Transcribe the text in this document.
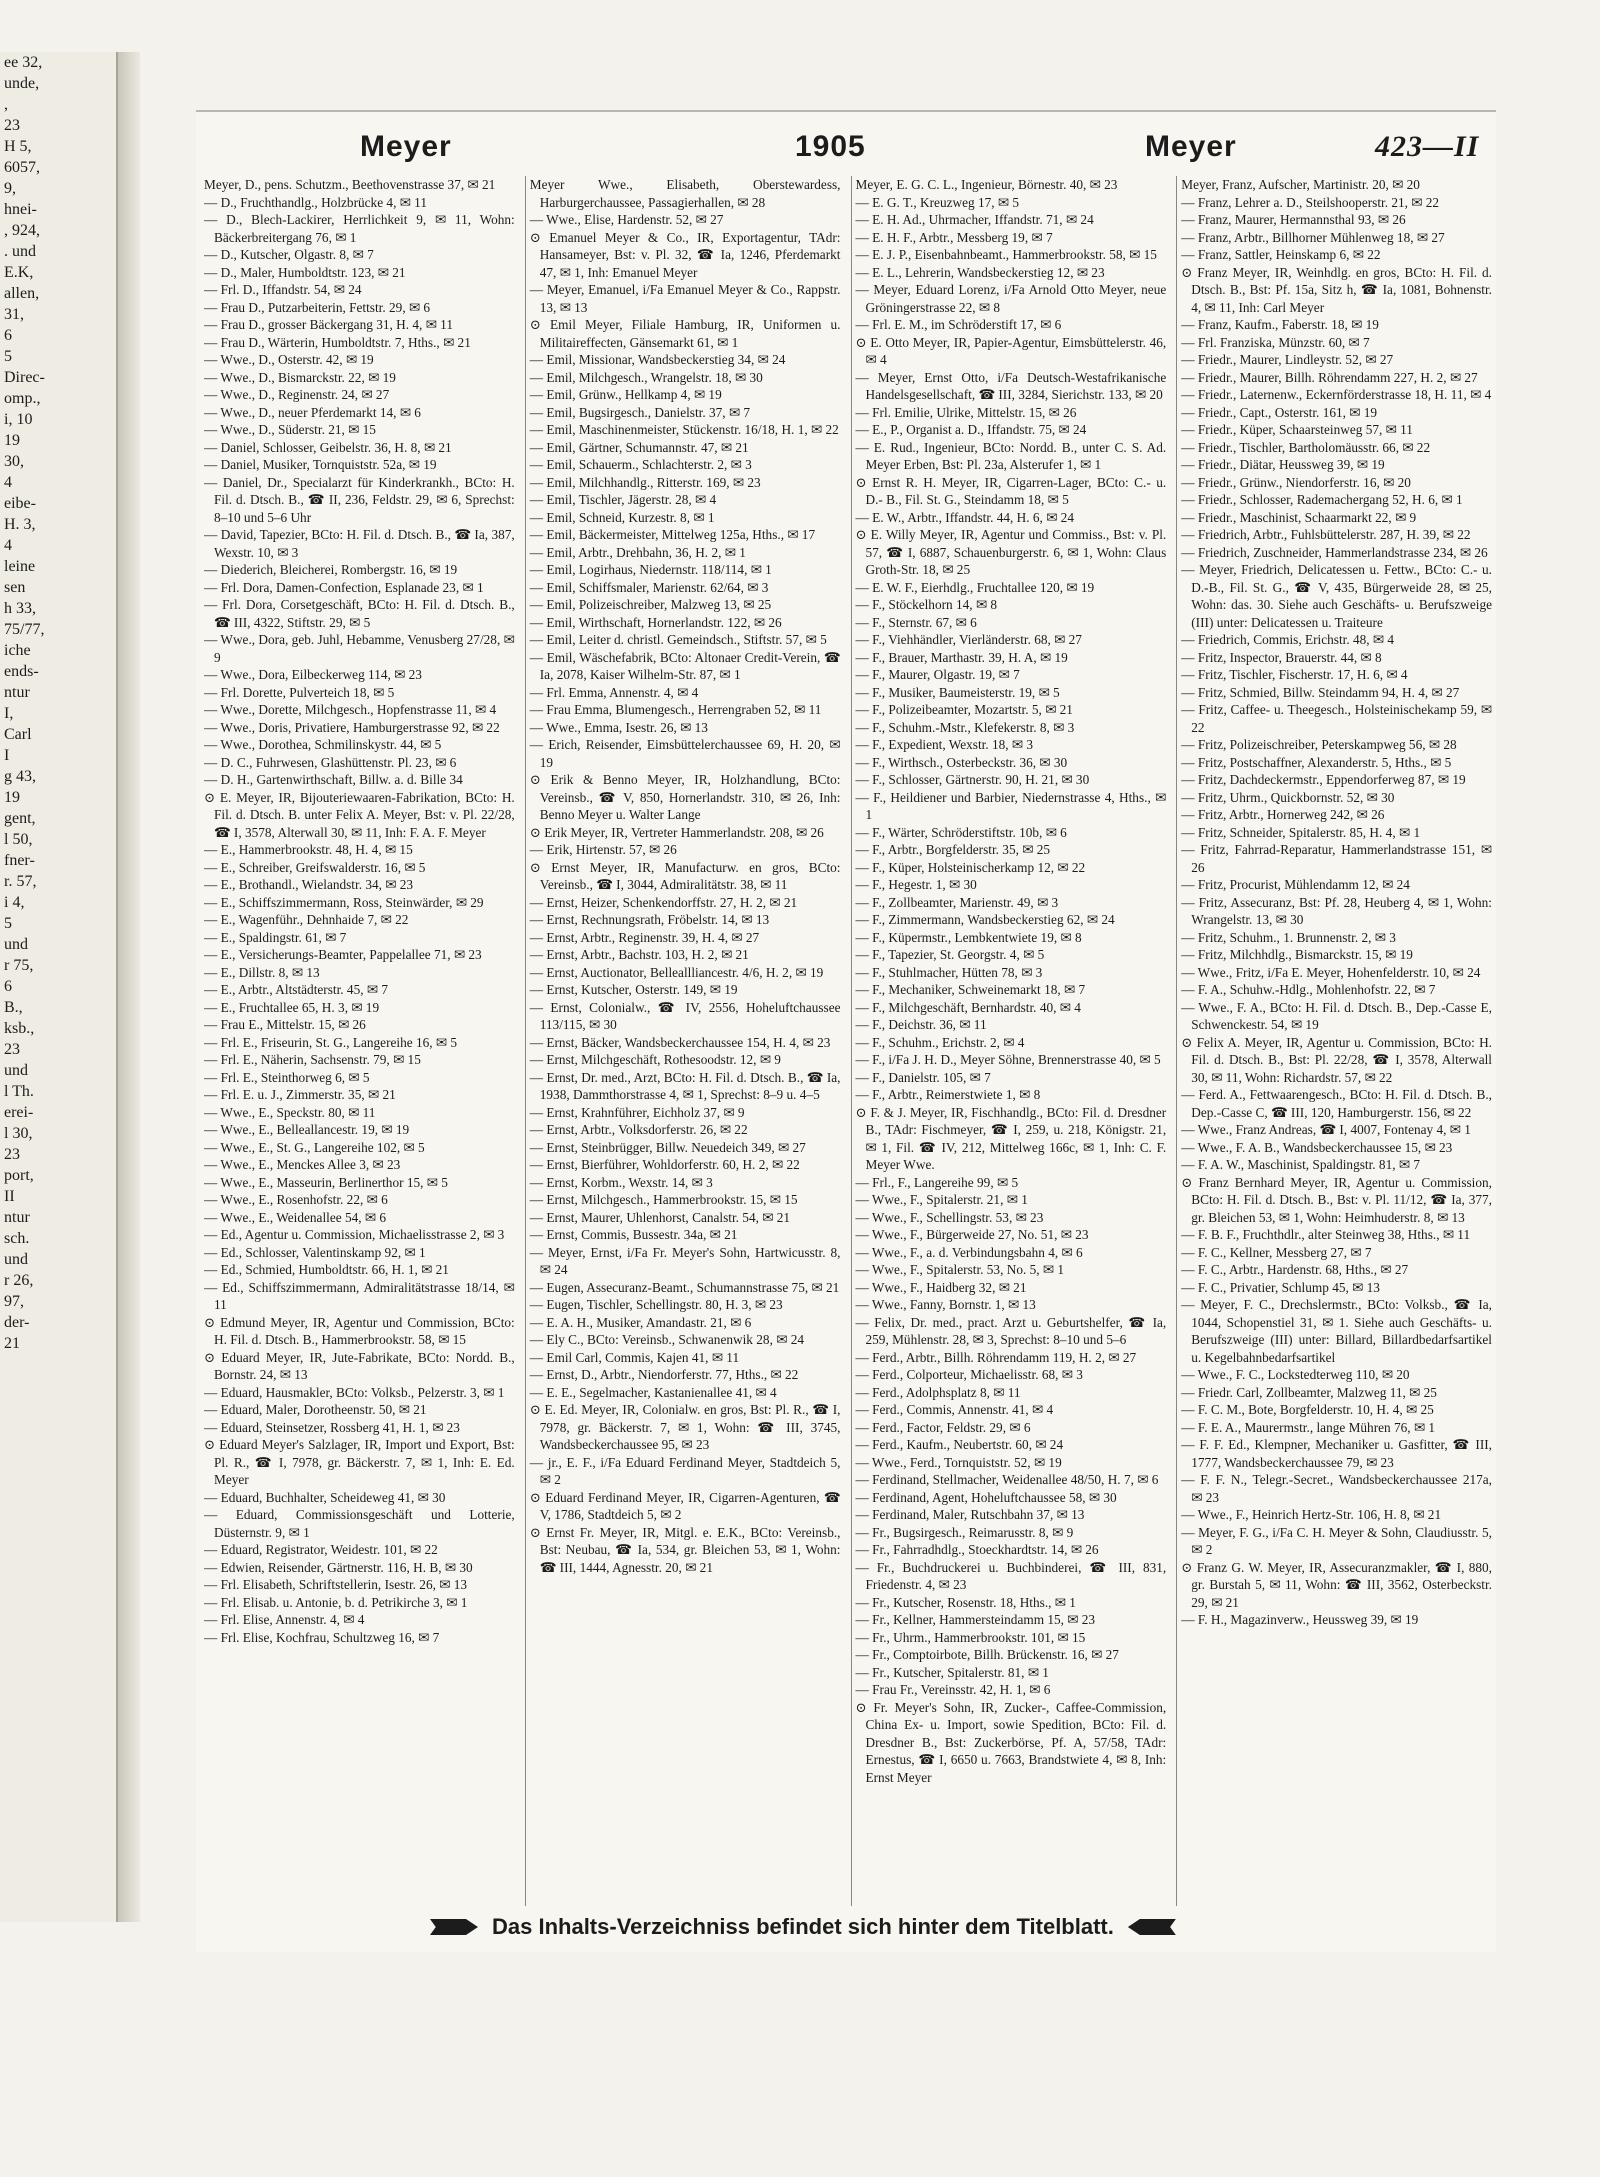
ee 32,
unde,
,
23
H 5,
6057,
9,
hnei-
, 924,
. und
E.K,
allen,
31,
6
5
Direc-
omp.,
i, 10
19
30,
4
eibe-
H. 3,
4
leine
sen
h 33,
75/77,
iche
ends-
ntur
I,
Carl
I
g 43,
19
gent,
l 50,
fner-
r. 57,
i 4,
5
und
r 75,
6
B.,
ksb.,
23
und
l Th.
erei-
l 30,
23
port,
II
ntur
sch.
und
r 26,
97,
der-
21
Meyer	1905	Meyer	423—II
Meyer, D., pens. Schutzm., Beethovenstrasse 37, ✉ 21
— D., Fruchthandlg., Holzbrücke 4, ✉ 11
— D., Blech-Lackirer, Herrlichkeit 9, ✉ 11, Wohn: Bäckerbreitergang 76, ✉ 1
— D., Kutscher, Olgastr. 8, ✉ 7
— D., Maler, Humboldtstr. 123, ✉ 21
— Frl. D., Iffandstr. 54, ✉ 24
— Frau D., Putzarbeiterin, Fettstr. 29, ✉ 6
— Frau D., grosser Bäckergang 31, H. 4, ✉ 11
— Frau D., Wärterin, Humboldtstr. 7, Hths., ✉ 21
— Wwe., D., Osterstr. 42, ✉ 19
— Wwe., D., Bismarckstr. 22, ✉ 19
— Wwe., D., Reginenstr. 24, ✉ 27
— Wwe., D., neuer Pferdemarkt 14, ✉ 6
— Wwe., D., Süderstr. 21, ✉ 15
— Daniel, Schlosser, Geibelstr. 36, H. 8, ✉ 21
— Daniel, Musiker, Tornquiststr. 52a, ✉ 19
— Daniel, Dr., Specialarzt für Kinderkrankh., BCto: H. Fil. d. Dtsch. B., ☎ II, 236, Feldstr. 29, ✉ 6, Sprechst: 8–10 und 5–6 Uhr
— David, Tapezier, BCto: H. Fil. d. Dtsch. B., ☎ Ia, 387, Wexstr. 10, ✉ 3
— Diederich, Bleicherei, Rombergstr. 16, ✉ 19
— Frl. Dora, Damen-Confection, Esplanade 23, ✉ 1
— Frl. Dora, Corsetgeschäft, BCto: H. Fil. d. Dtsch. B., ☎ III, 4322, Stiftstr. 29, ✉ 5
— Wwe., Dora, geb. Juhl, Hebamme, Venusberg 27/28, ✉ 9
— Wwe., Dora, Eilbeckerweg 114, ✉ 23
— Frl. Dorette, Pulverteich 18, ✉ 5
— Wwe., Dorette, Milchgesch., Hopfenstrasse 11, ✉ 4
— Wwe., Doris, Privatiere, Hamburgerstrasse 92, ✉ 22
— Wwe., Dorothea, Schmilinskystr. 44, ✉ 5
— D. C., Fuhrwesen, Glashüttenstr. Pl. 23, ✉ 6
— D. H., Gartenwirthschaft, Billw. a. d. Bille 34
⊙ E. Meyer, IR, Bijouteriewaaren-Fabrikation, BCto: H. Fil. d. Dtsch. B. unter Felix A. Meyer, Bst: v. Pl. 22/28, ☎ I, 3578, Alterwall 30, ✉ 11, Inh: F. A. F. Meyer
— E., Hammerbrookstr. 48, H. 4, ✉ 15
— E., Schreiber, Greifswalderstr. 16, ✉ 5
— E., Brothandl., Wielandstr. 34, ✉ 23
— E., Schiffszimmermann, Ross, Steinwärder, ✉ 29
— E., Wagenführ., Dehnhaide 7, ✉ 22
— E., Spaldingstr. 61, ✉ 7
— E., Versicherungs-Beamter, Pappelallee 71, ✉ 23
— E., Dillstr. 8, ✉ 13
— E., Arbtr., Altstädterstr. 45, ✉ 7
— E., Fruchtallee 65, H. 3, ✉ 19
— Frau E., Mittelstr. 15, ✉ 26
— Frl. E., Friseurin, St. G., Langereihe 16, ✉ 5
— Frl. E., Näherin, Sachsenstr. 79, ✉ 15
— Frl. E., Steinthorweg 6, ✉ 5
— Frl. E. u. J., Zimmerstr. 35, ✉ 21
— Wwe., E., Speckstr. 80, ✉ 11
— Wwe., E., Belleallancestr. 19, ✉ 19
— Wwe., E., St. G., Langereihe 102, ✉ 5
— Wwe., E., Menckes Allee 3, ✉ 23
— Wwe., E., Masseurin, Berlinerthor 15, ✉ 5
— Wwe., E., Rosenhofstr. 22, ✉ 6
— Wwe., E., Weidenallee 54, ✉ 6
— Ed., Agentur u. Commission, Michaelisstrasse 2, ✉ 3
— Ed., Schlosser, Valentinskamp 92, ✉ 1
— Ed., Schmied, Humboldtstr. 66, H. 1, ✉ 21
— Ed., Schiffszimmermann, Admiralitätstrasse 18/14, ✉ 11
⊙ Edmund Meyer, IR, Agentur und Commission, BCto: H. Fil. d. Dtsch. B., Hammerbrookstr. 58, ✉ 15
⊙ Eduard Meyer, IR, Jute-Fabrikate, BCto: Nordd. B., Bornstr. 24, ✉ 13
— Eduard, Hausmakler, BCto: Volksb., Pelzerstr. 3, ✉ 1
— Eduard, Maler, Dorotheenstr. 50, ✉ 21
— Eduard, Steinsetzer, Rossberg 41, H. 1, ✉ 23
⊙ Eduard Meyer's Salzlager, IR, Import und Export, Bst: Pl. R., ☎ I, 7978, gr. Bäckerstr. 7, ✉ 1, Inh: E. Ed. Meyer
— Eduard, Buchhalter, Scheideweg 41, ✉ 30
— Eduard, Commissionsgeschäft und Lotterie, Düsternstr. 9, ✉ 1
— Eduard, Registrator, Weidestr. 101, ✉ 22
— Edwien, Reisender, Gärtnerstr. 116, H. B, ✉ 30
— Frl. Elisabeth, Schriftstellerin, Isestr. 26, ✉ 13
— Frl. Elisab. u. Antonie, b. d. Petrikirche 3, ✉ 1
— Frl. Elise, Annenstr. 4, ✉ 4
— Frl. Elise, Kochfrau, Schultzweg 16, ✉ 7
Meyer Wwe., Elisabeth, Oberstewardess, Harburgerchaussee, Passagierhallen, ✉ 28
— Wwe., Elise, Hardenstr. 52, ✉ 27
⊙ Emanuel Meyer & Co., IR, Exportagentur, TAdr: Hansameyer, Bst: v. Pl. 32, ☎ Ia, 1246, Pferdemarkt 47, ✉ 1, Inh: Emanuel Meyer
— Meyer, Emanuel, i/Fa Emanuel Meyer & Co., Rappstr. 13, ✉ 13
⊙ Emil Meyer, Filiale Hamburg, IR, Uniformen u. Militaireffecten, Gänsemarkt 61, ✉ 1
— Emil, Missionar, Wandsbeckerstieg 34, ✉ 24
— Emil, Milchgesch., Wrangelstr. 18, ✉ 30
— Emil, Grünw., Hellkamp 4, ✉ 19
— Emil, Bugsirgesch., Danielstr. 37, ✉ 7
— Emil, Maschinenmeister, Stückenstr. 16/18, H. 1, ✉ 22
— Emil, Gärtner, Schumannstr. 47, ✉ 21
— Emil, Schauerm., Schlachterstr. 2, ✉ 3
— Emil, Milchhandlg., Ritterstr. 169, ✉ 23
— Emil, Tischler, Jägerstr. 28, ✉ 4
— Emil, Schneid, Kurzestr. 8, ✉ 1
— Emil, Bäckermeister, Mittelweg 125a, Hths., ✉ 17
— Emil, Arbtr., Drehbahn, 36, H. 2, ✉ 1
— Emil, Logirhaus, Niedernstr. 118/114, ✉ 1
— Emil, Schiffsmaler, Marienstr. 62/64, ✉ 3
— Emil, Polizeischreiber, Malzweg 13, ✉ 25
— Emil, Wirthschaft, Hornerlandstr. 122, ✉ 26
— Emil, Leiter d. christl. Gemeindsch., Stiftstr. 57, ✉ 5
— Emil, Wäschefabrik, BCto: Altonaer Credit-Verein, ☎ Ia, 2078, Kaiser Wilhelm-Str. 87, ✉ 1
— Frl. Emma, Annenstr. 4, ✉ 4
— Frau Emma, Blumengesch., Herrengraben 52, ✉ 11
— Wwe., Emma, Isestr. 26, ✉ 13
— Erich, Reisender, Eimsbüttelerchaussee 69, H. 20, ✉ 19
⊙ Erik & Benno Meyer, IR, Holzhandlung, BCto: Vereinsb., ☎ V, 850, Hornerlandstr. 310, ✉ 26, Inh: Benno Meyer u. Walter Lange
⊙ Erik Meyer, IR, Vertreter Hammerlandstr. 208, ✉ 26
— Erik, Hirtenstr. 57, ✉ 26
⊙ Ernst Meyer, IR, Manufacturw. en gros, BCto: Vereinsb., ☎ I, 3044, Admiralitätstr. 38, ✉ 11
— Ernst, Heizer, Schenkendorffstr. 27, H. 2, ✉ 21
— Ernst, Rechnungsrath, Fröbelstr. 14, ✉ 13
— Ernst, Arbtr., Reginenstr. 39, H. 4, ✉ 27
— Ernst, Arbtr., Bachstr. 103, H. 2, ✉ 21
— Ernst, Auctionator, Belleallliancestr. 4/6, H. 2, ✉ 19
— Ernst, Kutscher, Osterstr. 149, ✉ 19
— Ernst, Colonialw., ☎ IV, 2556, Hoheluftchaussee 113/115, ✉ 30
— Ernst, Bäcker, Wandsbeckerchaussee 154, H. 4, ✉ 23
— Ernst, Milchgeschäft, Rothesoodstr. 12, ✉ 9
— Ernst, Dr. med., Arzt, BCto: H. Fil. d. Dtsch. B., ☎ Ia, 1938, Dammthorstrasse 4, ✉ 1, Sprechst: 8–9 u. 4–5
— Ernst, Krahnführer, Eichholz 37, ✉ 9
— Ernst, Arbtr., Volksdorferstr. 26, ✉ 22
— Ernst, Steinbrügger, Billw. Neuedeich 349, ✉ 27
— Ernst, Bierführer, Wohldorferstr. 60, H. 2, ✉ 22
— Ernst, Korbm., Wexstr. 14, ✉ 3
— Ernst, Milchgesch., Hammerbrookstr. 15, ✉ 15
— Ernst, Maurer, Uhlenhorst, Canalstr. 54, ✉ 21
— Ernst, Commis, Bussestr. 34a, ✉ 21
— Meyer, Ernst, i/Fa Fr. Meyer's Sohn, Hartwicusstr. 8, ✉ 24
— Eugen, Assecuranz-Beamt., Schumannstrasse 75, ✉ 21
— Eugen, Tischler, Schellingstr. 80, H. 3, ✉ 23
— E. A. H., Musiker, Amandastr. 21, ✉ 6
— Ely C., BCto: Vereinsb., Schwanenwik 28, ✉ 24
— Emil Carl, Commis, Kajen 41, ✉ 11
— Ernst, D., Arbtr., Niendorferstr. 77, Hths., ✉ 22
— E. E., Segelmacher, Kastanienallee 41, ✉ 4
⊙ E. Ed. Meyer, IR, Colonialw. en gros, Bst: Pl. R., ☎ I, 7978, gr. Bäckerstr. 7, ✉ 1, Wohn: ☎ III, 3745, Wandsbeckerchaussee 95, ✉ 23
— jr., E. F., i/Fa Eduard Ferdinand Meyer, Stadtdeich 5, ✉ 2
⊙ Eduard Ferdinand Meyer, IR, Cigarren-Agenturen, ☎ V, 1786, Stadtdeich 5, ✉ 2
⊙ Ernst Fr. Meyer, IR, Mitgl. e. E.K., BCto: Vereinsb., Bst: Neubau, ☎ Ia, 534, gr. Bleichen 53, ✉ 1, Wohn: ☎ III, 1444, Agnesstr. 20, ✉ 21
Meyer, E. G. C. L., Ingenieur, Börnestr. 40, ✉ 23
— E. G. T., Kreuzweg 17, ✉ 5
— E. H. Ad., Uhrmacher, Iffandstr. 71, ✉ 24
— E. H. F., Arbtr., Messberg 19, ✉ 7
— E. J. P., Eisenbahnbeamt., Hammerbrookstr. 58, ✉ 15
— E. L., Lehrerin, Wandsbeckerstieg 12, ✉ 23
— Meyer, Eduard Lorenz, i/Fa Arnold Otto Meyer, neue Gröningerstrasse 22, ✉ 8
— Frl. E. M., im Schröderstift 17, ✉ 6
⊙ E. Otto Meyer, IR, Papier-Agentur, Eimsbüttelerstr. 46, ✉ 4
— Meyer, Ernst Otto, i/Fa Deutsch-Westafrikanische Handelsgesellschaft, ☎ III, 3284, Sierichstr. 133, ✉ 20
— Frl. Emilie, Ulrike, Mittelstr. 15, ✉ 26
— E., P., Organist a. D., Iffandstr. 75, ✉ 24
— E. Rud., Ingenieur, BCto: Nordd. B., unter C. S. Ad. Meyer Erben, Bst: Pl. 23a, Alsterufer 1, ✉ 1
⊙ Ernst R. H. Meyer, IR, Cigarren-Lager, BCto: C.- u. D.- B., Fil. St. G., Steindamm 18, ✉ 5
— E. W., Arbtr., Iffandstr. 44, H. 6, ✉ 24
⊙ E. Willy Meyer, IR, Agentur und Commiss., Bst: v. Pl. 57, ☎ I, 6887, Schauenburgerstr. 6, ✉ 1, Wohn: Claus Groth-Str. 18, ✉ 25
— E. W. F., Eierhdlg., Fruchtallee 120, ✉ 19
— F., Stöckelhorn 14, ✉ 8
— F., Sternstr. 67, ✉ 6
— F., Viehhändler, Vierländerstr. 68, ✉ 27
— F., Brauer, Marthastr. 39, H. A, ✉ 19
— F., Maurer, Olgastr. 19, ✉ 7
— F., Musiker, Baumeisterstr. 19, ✉ 5
— F., Polizeibeamter, Mozartstr. 5, ✉ 21
— F., Schuhm.-Mstr., Klefekerstr. 8, ✉ 3
— F., Expedient, Wexstr. 18, ✉ 3
— F., Wirthsch., Osterbeckstr. 36, ✉ 30
— F., Schlosser, Gärtnerstr. 90, H. 21, ✉ 30
— F., Heildiener und Barbier, Niedernstrasse 4, Hths., ✉ 1
— F., Wärter, Schröderstiftstr. 10b, ✉ 6
— F., Arbtr., Borgfelderstr. 35, ✉ 25
— F., Küper, Holsteinischerkamp 12, ✉ 22
— F., Hegestr. 1, ✉ 30
— F., Zollbeamter, Marienstr. 49, ✉ 3
— F., Zimmermann, Wandsbeckerstieg 62, ✉ 24
— F., Küpermstr., Lembkentwiete 19, ✉ 8
— F., Tapezier, St. Georgstr. 4, ✉ 5
— F., Stuhlmacher, Hütten 78, ✉ 3
— F., Mechaniker, Schweinemarkt 18, ✉ 7
— F., Milchgeschäft, Bernhardstr. 40, ✉ 4
— F., Deichstr. 36, ✉ 11
— F., Schuhm., Erichstr. 2, ✉ 4
— F., i/Fa J. H. D., Meyer Söhne, Brennerstrasse 40, ✉ 5
— F., Danielstr. 105, ✉ 7
— F., Arbtr., Reimerstwiete 1, ✉ 8
⊙ F. & J. Meyer, IR, Fischhandlg., BCto: Fil. d. Dresdner B., TAdr: Fischmeyer, ☎ I, 259, u. 218, Königstr. 21, ✉ 1, Fil. ☎ IV, 212, Mittelweg 166c, ✉ 1, Inh: C. F. Meyer Wwe.
— Frl., F., Langereihe 99, ✉ 5
— Wwe., F., Spitalerstr. 21, ✉ 1
— Wwe., F., Schellingstr. 53, ✉ 23
— Wwe., F., Bürgerweide 27, No. 51, ✉ 23
— Wwe., F., a. d. Verbindungsbahn 4, ✉ 6
— Wwe., F., Spitalerstr. 53, No. 5, ✉ 1
— Wwe., F., Haidberg 32, ✉ 21
— Wwe., Fanny, Bornstr. 1, ✉ 13
— Felix, Dr. med., pract. Arzt u. Geburtshelfer, ☎ Ia, 259, Mühlenstr. 28, ✉ 3, Sprechst: 8–10 und 5–6
— Ferd., Arbtr., Billh. Röhrendamm 119, H. 2, ✉ 27
— Ferd., Colporteur, Michaelisstr. 68, ✉ 3
— Ferd., Adolphsplatz 8, ✉ 11
— Ferd., Commis, Annenstr. 41, ✉ 4
— Ferd., Factor, Feldstr. 29, ✉ 6
— Ferd., Kaufm., Neubertstr. 60, ✉ 24
— Wwe., Ferd., Tornquiststr. 52, ✉ 19
— Ferdinand, Stellmacher, Weidenallee 48/50, H. 7, ✉ 6
— Ferdinand, Agent, Hoheluftchaussee 58, ✉ 30
— Ferdinand, Maler, Rutschbahn 37, ✉ 13
— Fr., Bugsirgesch., Reimarusstr. 8, ✉ 9
— Fr., Fahrradhdlg., Stoeckhardtstr. 14, ✉ 26
— Fr., Buchdruckerei u. Buchbinderei, ☎ III, 831, Friedenstr. 4, ✉ 23
— Fr., Kutscher, Rosenstr. 18, Hths., ✉ 1
— Fr., Kellner, Hammersteindamm 15, ✉ 23
— Fr., Uhrm., Hammerbrookstr. 101, ✉ 15
— Fr., Comptoirbote, Billh. Brückenstr. 16, ✉ 27
— Fr., Kutscher, Spitalerstr. 81, ✉ 1
— Frau Fr., Vereinsstr. 42, H. 1, ✉ 6
⊙ Fr. Meyer's Sohn, IR, Zucker-, Caffee-Commission, China Ex- u. Import, sowie Spedition, BCto: Fil. d. Dresdner B., Bst: Zuckerbörse, Pf. A, 57/58, TAdr: Ernestus, ☎ I, 6650 u. 7663, Brandstwiete 4, ✉ 8, Inh: Ernst Meyer
Meyer, Franz, Aufscher, Martinistr. 20, ✉ 20
— Franz, Lehrer a. D., Steilshooperstr. 21, ✉ 22
— Franz, Maurer, Hermannsthal 93, ✉ 26
— Franz, Arbtr., Billhorner Mühlenweg 18, ✉ 27
— Franz, Sattler, Heinskamp 6, ✉ 22
⊙ Franz Meyer, IR, Weinhdlg. en gros, BCto: H. Fil. d. Dtsch. B., Bst: Pf. 15a, Sitz h, ☎ Ia, 1081, Bohnenstr. 4, ✉ 11, Inh: Carl Meyer
— Franz, Kaufm., Faberstr. 18, ✉ 19
— Frl. Franziska, Münzstr. 60, ✉ 7
— Friedr., Maurer, Lindleystr. 52, ✉ 27
— Friedr., Maurer, Billh. Röhrendamm 227, H. 2, ✉ 27
— Friedr., Laternenw., Eckernförderstrasse 18, H. 11, ✉ 4
— Friedr., Capt., Osterstr. 161, ✉ 19
— Friedr., Küper, Schaarsteinweg 57, ✉ 11
— Friedr., Tischler, Bartholomäusstr. 66, ✉ 22
— Friedr., Diätar, Heussweg 39, ✉ 19
— Friedr., Grünw., Niendorferstr. 16, ✉ 20
— Friedr., Schlosser, Rademachergang 52, H. 6, ✉ 1
— Friedr., Maschinist, Schaarmarkt 22, ✉ 9
— Friedrich, Arbtr., Fuhlsbüttelerstr. 287, H. 39, ✉ 22
— Friedrich, Zuschneider, Hammerlandstrasse 234, ✉ 26
— Meyer, Friedrich, Delicatessen u. Fettw., BCto: C.- u. D.-B., Fil. St. G., ☎ V, 435, Bürgerweide 28, ✉ 25, Wohn: das. 30. Siehe auch Geschäfts- u. Berufszweige (III) unter: Delicatessen u. Traiteure
— Friedrich, Commis, Erichstr. 48, ✉ 4
— Fritz, Inspector, Brauerstr. 44, ✉ 8
— Fritz, Tischler, Fischerstr. 17, H. 6, ✉ 4
— Fritz, Schmied, Billw. Steindamm 94, H. 4, ✉ 27
— Fritz, Caffee- u. Theegesch., Holsteinischekamp 59, ✉ 22
— Fritz, Polizeischreiber, Peterskampweg 56, ✉ 28
— Fritz, Postschaffner, Alexanderstr. 5, Hths., ✉ 5
— Fritz, Dachdeckermstr., Eppendorferweg 87, ✉ 19
— Fritz, Uhrm., Quickbornstr. 52, ✉ 30
— Fritz, Arbtr., Hornerweg 242, ✉ 26
— Fritz, Schneider, Spitalerstr. 85, H. 4, ✉ 1
— Fritz, Fahrrad-Reparatur, Hammerlandstrasse 151, ✉ 26
— Fritz, Procurist, Mühlendamm 12, ✉ 24
— Fritz, Assecuranz, Bst: Pf. 28, Heuberg 4, ✉ 1, Wohn: Wrangelstr. 13, ✉ 30
— Fritz, Schuhm., 1. Brunnenstr. 2, ✉ 3
— Fritz, Milchhdlg., Bismarckstr. 15, ✉ 19
— Wwe., Fritz, i/Fa E. Meyer, Hohenfelderstr. 10, ✉ 24
— F. A., Schuhw.-Hdlg., Mohlenhofstr. 22, ✉ 7
— Wwe., F. A., BCto: H. Fil. d. Dtsch. B., Dep.-Casse E, Schwenckestr. 54, ✉ 19
⊙ Felix A. Meyer, IR, Agentur u. Commission, BCto: H. Fil. d. Dtsch. B., Bst: Pl. 22/28, ☎ I, 3578, Alterwall 30, ✉ 11, Wohn: Richardstr. 57, ✉ 22
— Ferd. A., Fettwaarengesch., BCto: H. Fil. d. Dtsch. B., Dep.-Casse C, ☎ III, 120, Hamburgerstr. 156, ✉ 22
— Wwe., Franz Andreas, ☎ I, 4007, Fontenay 4, ✉ 1
— Wwe., F. A. B., Wandsbeckerchaussee 15, ✉ 23
— F. A. W., Maschinist, Spaldingstr. 81, ✉ 7
⊙ Franz Bernhard Meyer, IR, Agentur u. Commission, BCto: H. Fil. d. Dtsch. B., Bst: v. Pl. 11/12, ☎ Ia, 377, gr. Bleichen 53, ✉ 1, Wohn: Heimhuderstr. 8, ✉ 13
— F. B. F., Fruchthdlr., alter Steinweg 38, Hths., ✉ 11
— F. C., Kellner, Messberg 27, ✉ 7
— F. C., Arbtr., Hardenstr. 68, Hths., ✉ 27
— F. C., Privatier, Schlump 45, ✉ 13
— Meyer, F. C., Drechslermstr., BCto: Volksb., ☎ Ia, 1044, Schopenstiel 31, ✉ 1. Siehe auch Geschäfts- u. Berufszweige (III) unter: Billard, Billardbedarfsartikel u. Kegelbahnbedarfsartikel
— Wwe., F. C., Lockstedterweg 110, ✉ 20
— Friedr. Carl, Zollbeamter, Malzweg 11, ✉ 25
— F. C. M., Bote, Borgfelderstr. 10, H. 4, ✉ 25
— F. E. A., Maurermstr., lange Mühren 76, ✉ 1
— F. F. Ed., Klempner, Mechaniker u. Gasfitter, ☎ III, 1777, Wandsbeckerchaussee 79, ✉ 23
— F. F. N., Telegr.-Secret., Wandsbeckerchaussee 217a, ✉ 23
— Wwe., F., Heinrich Hertz-Str. 106, H. 8, ✉ 21
— Meyer, F. G., i/Fa C. H. Meyer & Sohn, Claudiusstr. 5, ✉ 2
⊙ Franz G. W. Meyer, IR, Assecuranzmakler, ☎ I, 880, gr. Burstah 5, ✉ 11, Wohn: ☎ III, 3562, Osterbeckstr. 29, ✉ 21
— F. H., Magazinverw., Heussweg 39, ✉ 19
Das Inhalts-Verzeichniss befindet sich hinter dem Titelblatt.
